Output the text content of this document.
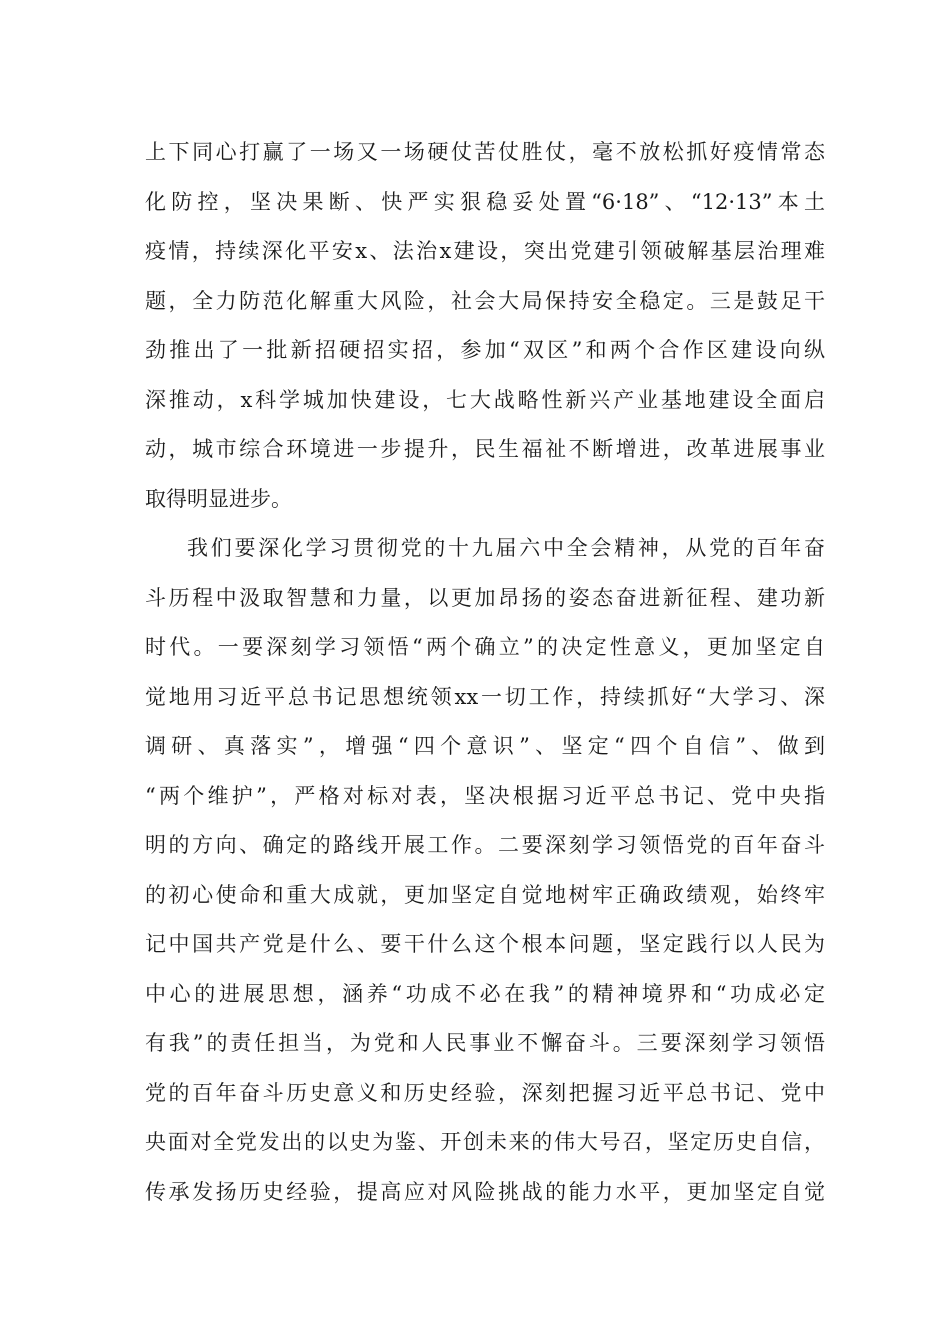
上下同心打赢了一场又一场硬仗苦仗胜仗，毫不放松抓好疫情常态
化防控，坚决果断、快严实狠稳妥处置“6·18”、“12·13”本土
疫情，持续深化平安x、法治x建设，突出党建引领破解基层治理难
题，全力防范化解重大风险，社会大局保持安全稳定。三是鼓足干
劲推出了一批新招硬招实招，参加“双区”和两个合作区建设向纵
深推动，x科学城加快建设，七大战略性新兴产业基地建设全面启
动，城市综合环境进一步提升，民生福祉不断增进，改革进展事业
取得明显进步。
我们要深化学习贯彻党的十九届六中全会精神，从党的百年奋
斗历程中汲取智慧和力量，以更加昂扬的姿态奋进新征程、建功新
时代。一要深刻学习领悟“两个确立”的决定性意义，更加坚定自
觉地用习近平总书记思想统领xx一切工作，持续抓好“大学习、深
调研、真落实”，增强“四个意识”、坚定“四个自信”、做到
“两个维护”，严格对标对表，坚决根据习近平总书记、党中央指
明的方向、确定的路线开展工作。二要深刻学习领悟党的百年奋斗
的初心使命和重大成就，更加坚定自觉地树牢正确政绩观，始终牢
记中国共产党是什么、要干什么这个根本问题，坚定践行以人民为
中心的进展思想，涵养“功成不必在我”的精神境界和“功成必定
有我”的责任担当，为党和人民事业不懈奋斗。三要深刻学习领悟
党的百年奋斗历史意义和历史经验，深刻把握习近平总书记、党中
央面对全党发出的以史为鉴、开创未来的伟大号召，坚定历史自信，
传承发扬历史经验，提高应对风险挑战的能力水平，更加坚定自觉
